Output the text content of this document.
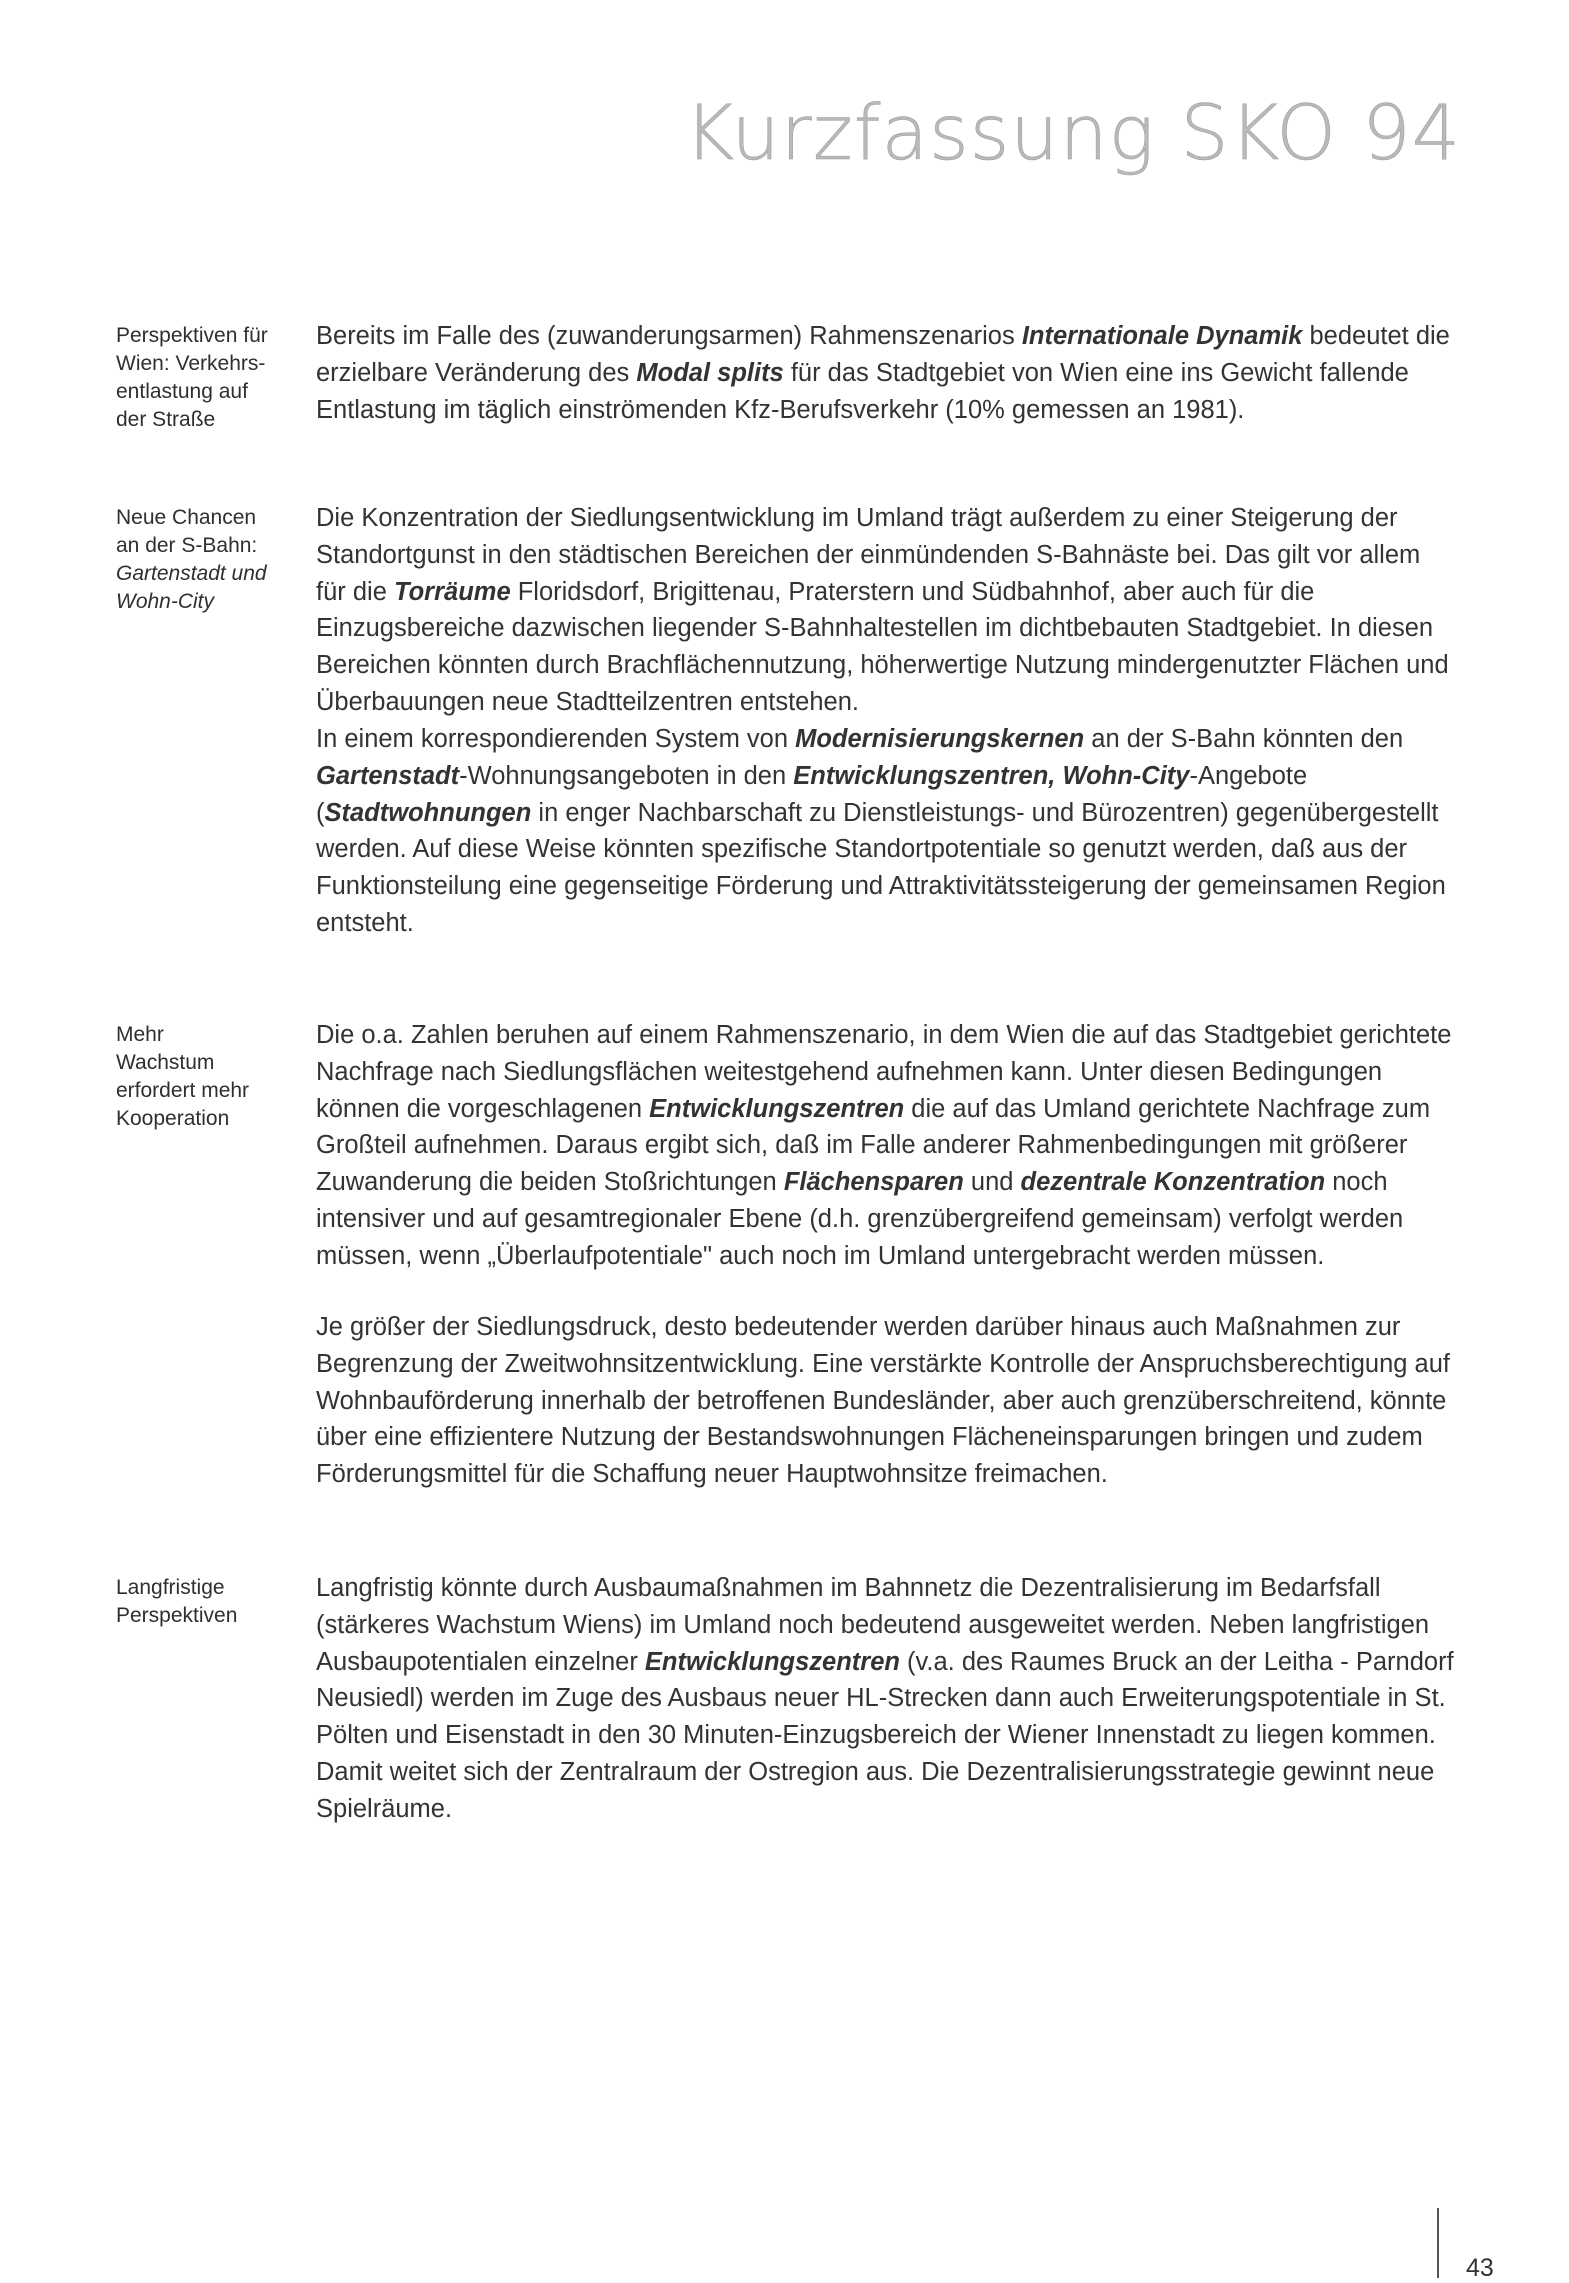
Kurzfassung SKO 94
Perspektiven für
Wien: Verkehrs-
entlastung auf
der Straße

Bereits im Falle des (zuwanderungsarmen) Rahmenszenarios Internationale Dynamik bedeutet die erzielbare Veränderung des Modal splits für das Stadtgebiet von Wien eine ins Gewicht fallende Entlastung im täglich einströmenden Kfz-Berufsverkehr (10% gemessen an 1981).

Neue Chancen
an der S-Bahn:
Gartenstadt und
Wohn-City

Die Konzentration der Siedlungsentwicklung im Umland trägt außerdem zu einer Steigerung der Standortgunst in den städtischen Bereichen der einmündenden S-Bahnäste bei. Das gilt vor allem für die Torräume Floridsdorf, Brigittenau, Praterstern und Südbahnhof, aber auch für die Einzugsbereiche dazwischen liegender S-Bahnhaltestellen im dichtbebauten Stadtgebiet. In diesen Bereichen könnten durch Brachflächennutzung, höherwertige Nutzung mindergenutzter Flächen und Überbauungen neue Stadtteilzentren entstehen.

In einem korrespondierenden System von Modernisierungskernen an der S-Bahn könnten den Gartenstadt-Wohnungsangeboten in den Entwicklungszentren, Wohn-City-Angebote (Stadtwohnungen in enger Nachbarschaft zu Dienstleistungs- und Bürozentren) gegenübergestellt werden. Auf diese Weise könnten spezifische Standortpotentiale so genutzt werden, daß aus der Funktionsteilung eine gegenseitige Förderung und Attraktivitätssteigerung der gemeinsamen Region entsteht.

Mehr
Wachstum
erfordert mehr
Kooperation

Die o.a. Zahlen beruhen auf einem Rahmenszenario, in dem Wien die auf das Stadtgebiet gerichtete Nachfrage nach Siedlungsflächen weitestgehend aufnehmen kann. Unter diesen Bedingungen können die vorgeschlagenen Entwicklungszentren die auf das Umland gerichtete Nachfrage zum Großteil aufnehmen. Daraus ergibt sich, daß im Falle anderer Rahmenbedingungen mit größerer Zuwanderung die beiden Stoßrichtungen Flächensparen und dezentrale Konzentration noch intensiver und auf gesamtregionaler Ebene (d.h. grenzübergreifend gemeinsam) verfolgt werden müssen, wenn „Überlaufpotentiale" auch noch im Umland untergebracht werden müssen.

Je größer der Siedlungsdruck, desto bedeutender werden darüber hinaus auch Maßnahmen zur Begrenzung der Zweitwohnsitzentwicklung. Eine verstärkte Kontrolle der Anspruchsberechtigung auf Wohnbauförderung innerhalb der betroffenen Bundesländer, aber auch grenzüberschreitend, könnte über eine effizientere Nutzung der Bestandswohnungen Flächeneinsparungen bringen und zudem Förderungsmittel für die Schaffung neuer Hauptwohnsitze freimachen.

Langfristige
Perspektiven

Langfristig könnte durch Ausbaumaßnahmen im Bahnnetz die Dezentralisierung im Bedarfsfall (stärkeres Wachstum Wiens) im Umland noch bedeutend ausgeweitet werden. Neben langfristigen Ausbaupotentialen einzelner Entwicklungszentren (v.a. des Raumes Bruck an der Leitha - Parndorf Neusiedl) werden im Zuge des Ausbaus neuer HL-Strecken dann auch Erweiterungspotentiale in St. Pölten und Eisenstadt in den 30 Minuten-Einzugsbereich der Wiener Innenstadt zu liegen kommen. Damit weitet sich der Zentralraum der Ostregion aus. Die Dezentralisierungsstrategie gewinnt neue Spielräume.

43
